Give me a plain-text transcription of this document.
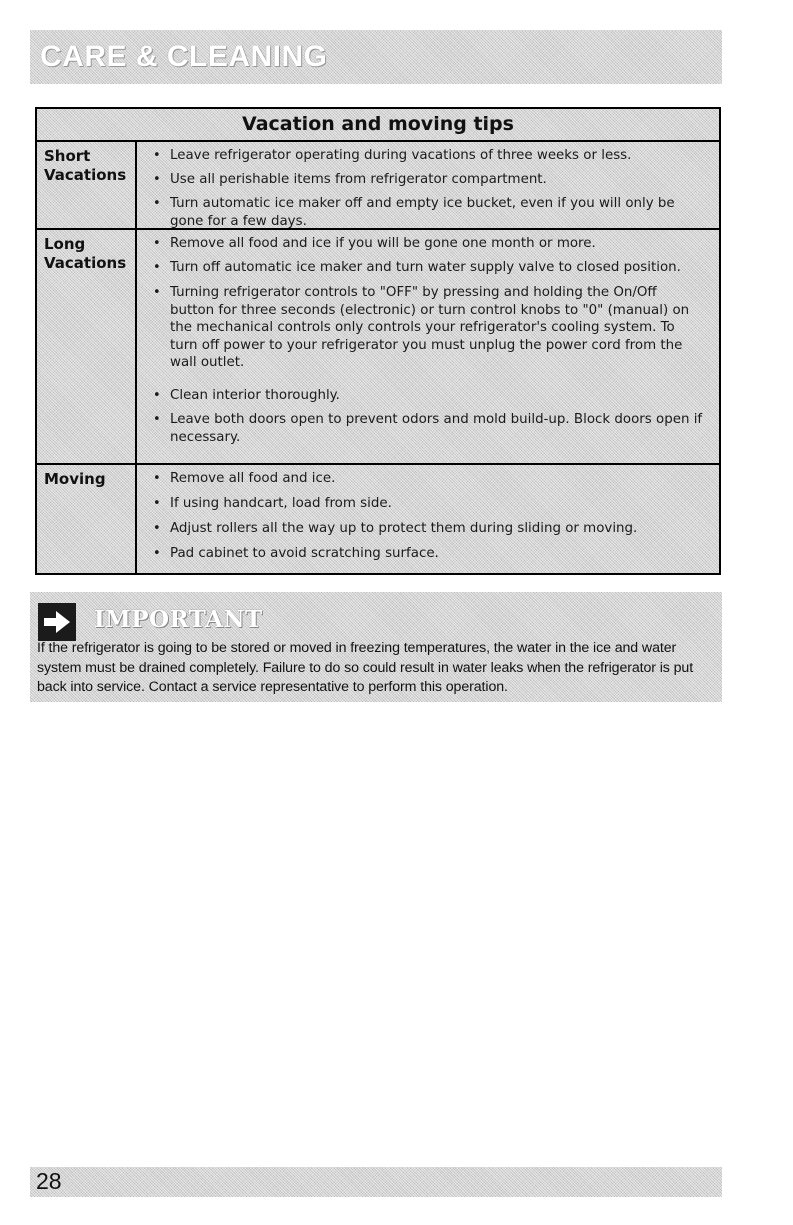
CARE & CLEANING
Vacation and moving tips
Short
Vacations
• Leave refrigerator operating during vacations of three weeks or less.
• Use all perishable items from refrigerator compartment.
• Turn automatic ice maker off and empty ice bucket, even if you will only be gone for a few days.
Long
Vacations
• Remove all food and ice if you will be gone one month or more.
• Turn off automatic ice maker and turn water supply valve to closed position.
• Turning refrigerator controls to "OFF" by pressing and holding the On/Off button for three seconds (electronic) or turn control knobs to "0" (manual) on the mechanical controls only controls your refrigerator's cooling system. To turn off power to your refrigerator you must unplug the power cord from the wall outlet.
• Clean interior thoroughly.
• Leave both doors open to prevent odors and mold build-up. Block doors open if necessary.
Moving	• Remove all food and ice.
• If using handcart, load from side.
• Adjust rollers all the way up to protect them during sliding or moving.
• Pad cabinet to avoid scratching surface.
IMPORTANT
If the refrigerator is going to be stored or moved in freezing temperatures, the water in the ice and water system must be drained completely. Failure to do so could result in water leaks when the refrigerator is put back into service. Contact a service representative to perform this operation.
28
